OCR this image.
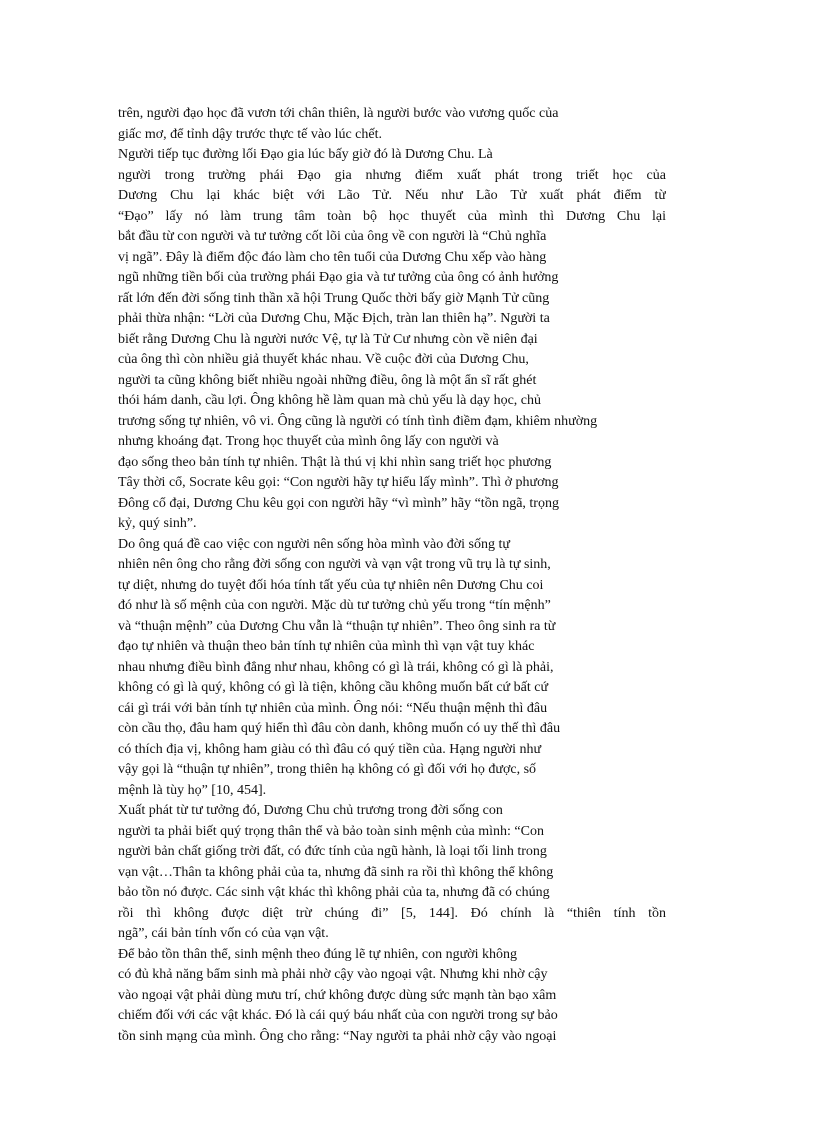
trên, người đạo học đã vươn tới chân thiên, là người bước vào vương quốc của
giấc mơ, để tỉnh dậy trước thực tế vào lúc chết.
Người tiếp tục đường lối Đạo gia lúc bấy giờ đó là Dương Chu. Là
người trong trường phái Đạo gia nhưng điểm xuất phát trong triết học của
Dương Chu lại khác biệt với Lão Tử. Nếu như Lão Tử xuất phát điểm từ
“Đạo” lấy nó làm trung tâm toàn bộ học thuyết của mình thì Dương Chu lại
bắt đầu từ con người và tư tưởng cốt lõi của ông về con người là “Chủ nghĩa
vị ngã”. Đây là điểm độc đáo làm cho tên tuổi của Dương Chu xếp vào hàng
ngũ những tiền bối của trường phái Đạo gia và tư tưởng của ông có ảnh hưởng
rất lớn đến đời sống tinh thần xã hội Trung Quốc thời bấy giờ Mạnh Tử cũng
phải thừa nhận: “Lời của Dương Chu, Mặc Địch, tràn lan thiên hạ”. Người ta
biết rằng Dương Chu là người nước Vệ, tự là Tử Cư nhưng còn về niên đại
của ông thì còn nhiều giả thuyết khác nhau. Về cuộc đời của Dương Chu,
người ta cũng không biết nhiều ngoài những điều, ông là một ẩn sĩ rất ghét
thói hám danh, cầu lợi. Ông không hề làm quan mà chủ yếu là dạy học, chủ
trương sống tự nhiên, vô vi. Ông cũng là người có tính tình điềm đạm, khiêm nhường
nhưng khoáng đạt. Trong học thuyết của mình ông lấy con người và
đạo sống theo bản tính tự nhiên. Thật là thú vị khi nhìn sang triết học phương
Tây thời cổ, Socrate kêu gọi: “Con người hãy tự hiểu lấy mình”. Thì ở phương
Đông cổ đại, Dương Chu kêu gọi con người hãy “vì mình” hãy “tồn ngã, trọng
kỷ, quý sinh”.
Do ông quá đề cao việc con người nên sống hòa mình vào đời sống tự
nhiên nên ông cho rằng đời sống con người và vạn vật trong vũ trụ là tự sinh,
tự diệt, nhưng do tuyệt đối hóa tính tất yếu của tự nhiên nên Dương Chu coi
đó như là số mệnh của con người. Mặc dù tư tưởng chủ yếu trong “tín mệnh”
và “thuận mệnh” của Dương Chu vẫn là “thuận tự nhiên”. Theo ông sinh ra từ
đạo tự nhiên và thuận theo bản tính tự nhiên của mình thì vạn vật tuy khác
nhau nhưng điều bình đẳng như nhau, không có gì là trái, không có gì là phải,
không có gì là quý, không có gì là tiện, không cầu không muốn bất cứ bất cứ
cái gì trái với bản tính tự nhiên của mình. Ông nói: “Nếu thuận mệnh thì đâu
còn cầu thọ, đâu ham quý hiển thì đâu còn danh, không muốn có uy thế thì đâu
có thích địa vị, không ham giàu có thì đâu có quý tiền của. Hạng người như
vậy gọi là “thuận tự nhiên”, trong thiên hạ không có gì đối với họ được, số
mệnh là tùy họ” [10, 454].
Xuất phát từ tư tưởng đó, Dương Chu chủ trương trong đời sống con
người ta phải biết quý trọng thân thể và bảo toàn sinh mệnh của mình: “Con
người bản chất giống trời đất, có đức tính của ngũ hành, là loại tối linh trong
vạn vật…Thân ta không phải của ta, nhưng đã sinh ra rồi thì không thể không
bảo tồn nó được. Các sinh vật khác thì không phải của ta, nhưng đã có chúng
rồi thì không được diệt trừ chúng đi” [5, 144]. Đó chính là “thiên tính tồn
ngã”, cái bản tính vốn có của vạn vật.
Để bảo tồn thân thể, sinh mệnh theo đúng lẽ tự nhiên, con người không
có đủ khả năng bẩm sinh mà phải nhờ cậy vào ngoại vật. Nhưng khi nhờ cậy
vào ngoại vật phải dùng mưu trí, chứ không được dùng sức mạnh tàn bạo xâm
chiếm đối với các vật khác. Đó là cái quý báu nhất của con người trong sự bảo
tồn sinh mạng của mình. Ông cho rằng: “Nay người ta phải nhờ cậy vào ngoại
